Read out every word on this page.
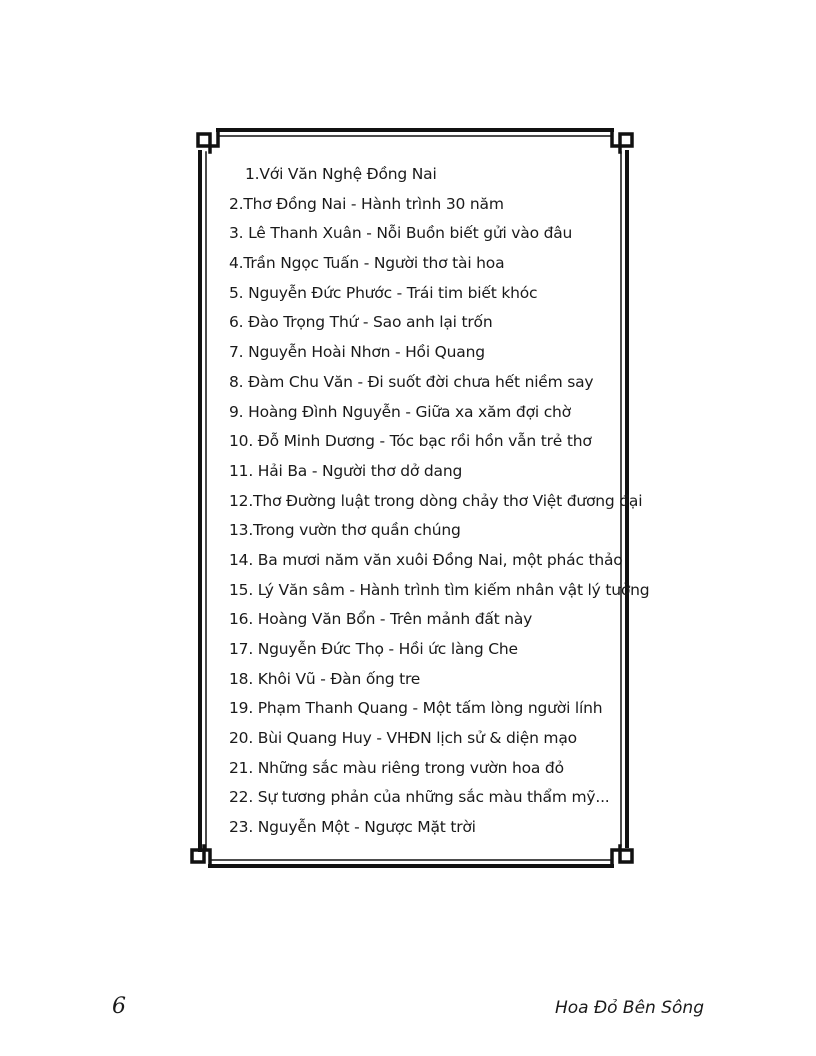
1.Với Văn Nghệ Đồng Nai
2.Thơ Đồng Nai - Hành trình 30 năm
3. Lê Thanh Xuân - Nỗi Buồn biết gửi vào đâu
4.Trần Ngọc Tuấn - Người thơ tài hoa
5. Nguyễn Đức Phước - Trái tim biết khóc
6. Đào Trọng Thứ - Sao anh lại trốn
7. Nguyễn Hoài Nhơn - Hồi Quang
8. Đàm Chu Văn - Đi suốt đời chưa hết niềm say
9. Hoàng Đình Nguyễn - Giữa xa xăm đợi chờ
10. Đỗ Minh Dương - Tóc bạc rồi hồn vẫn trẻ thơ
11. Hải Ba - Người thơ dở dang
12.Thơ Đường luật trong dòng chảy thơ Việt đương đại
13.Trong vườn thơ quần chúng
14. Ba mươi năm văn xuôi Đồng Nai, một phác thảo
15. Lý Văn sâm - Hành trình tìm kiếm nhân vật lý tưởng
16. Hoàng Văn Bổn - Trên mảnh đất này
17. Nguyễn Đức Thọ - Hồi ức làng Che
18. Khôi Vũ - Đàn ống tre
19. Phạm Thanh Quang - Một tấm lòng người lính
20. Bùi Quang Huy - VHĐN lịch sử & diện mạo
21. Những sắc màu riêng trong vườn hoa đỏ
22. Sự tương phản của những sắc màu thẩm mỹ...
23. Nguyễn Một - Ngược Mặt trời
6	Hoa Đỏ Bên Sông
